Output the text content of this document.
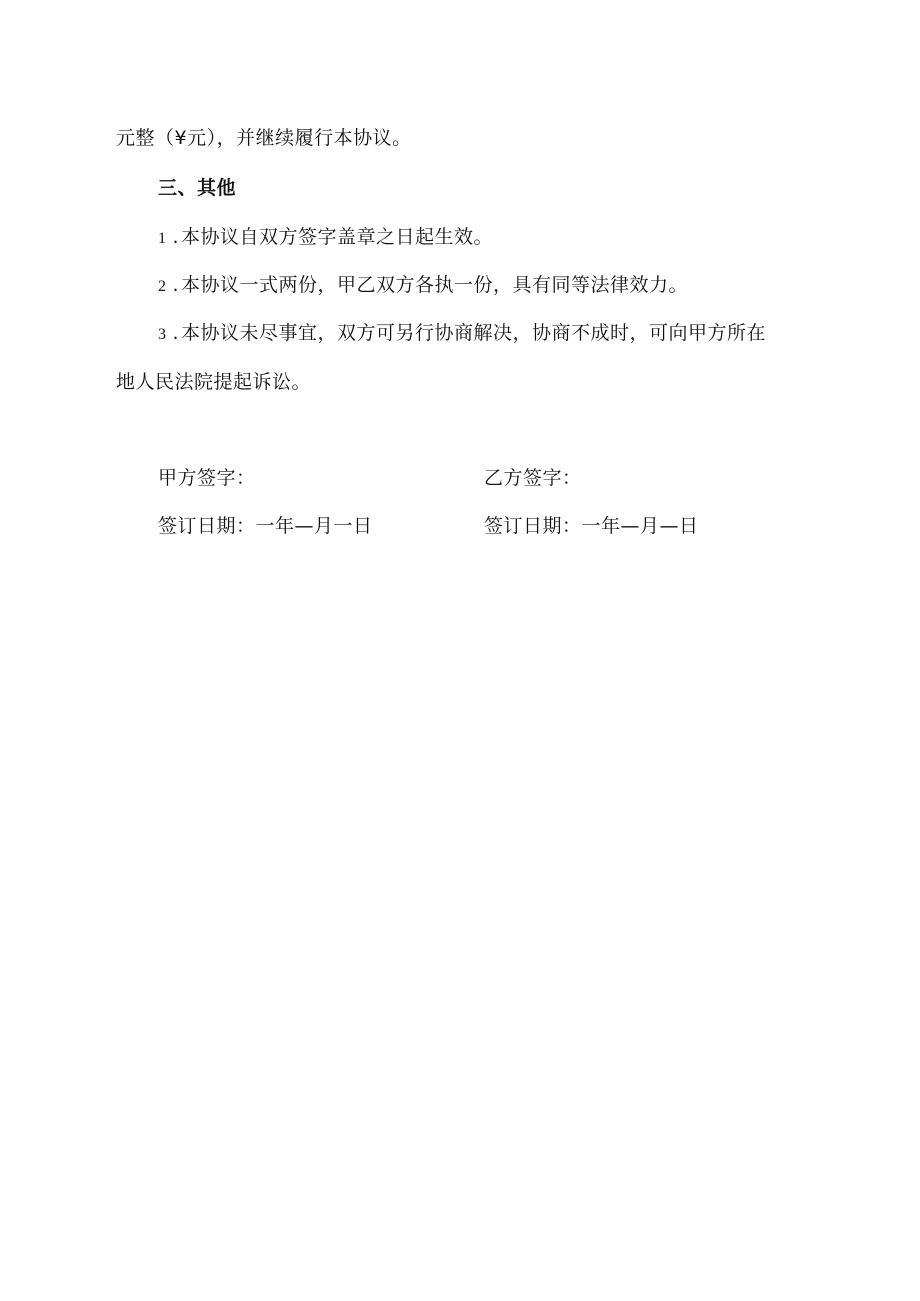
元整（¥元），并继续履行本协议。
三、其他
1 . 本协议自双方签字盖章之日起生效。
2 . 本协议一式两份，甲乙双方各执一份，具有同等法律效力。
3 . 本协议未尽事宜，双方可另行协商解决，协商不成时，可向甲方所在
地人民法院提起诉讼。
甲方签字：
签订日期：一年—月一日
乙方签字：
签订日期：一年—月—日
